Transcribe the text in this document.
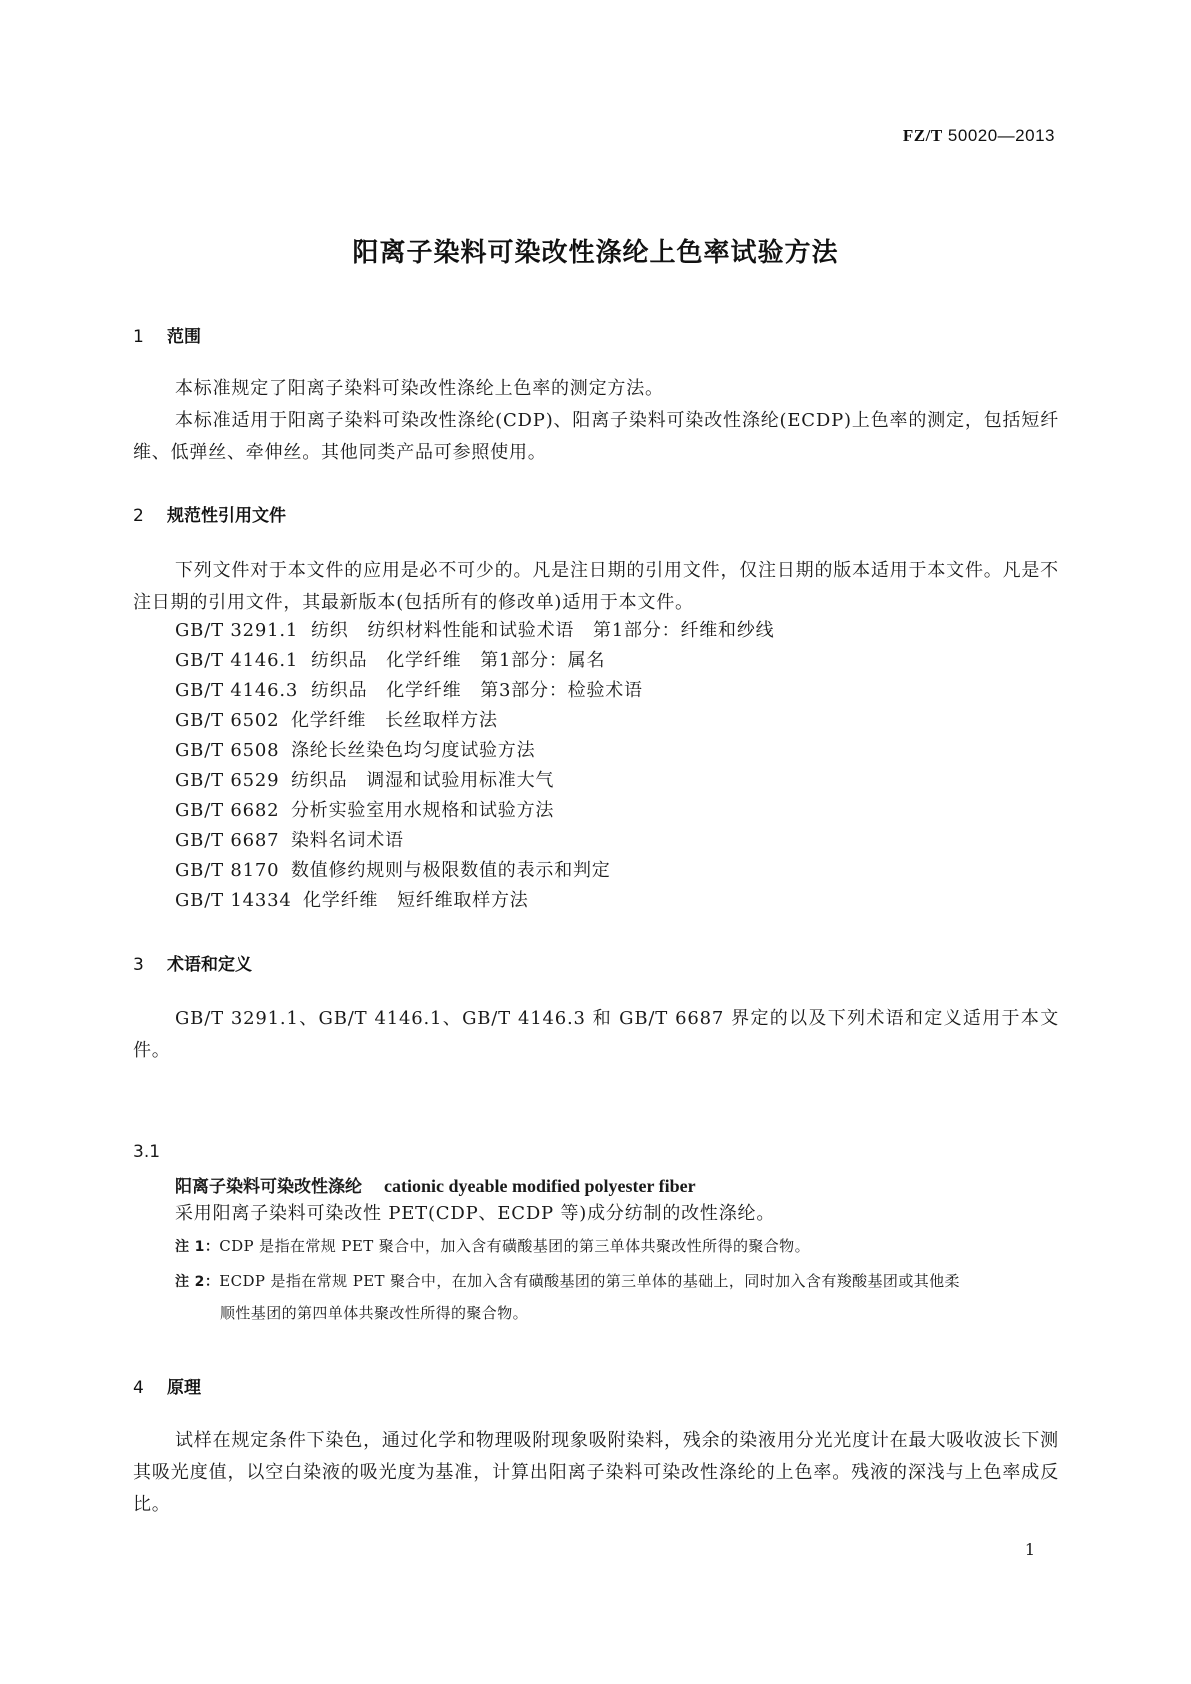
FZ/T 50020—2013
阳离子染料可染改性涤纶上色率试验方法
1 范围
本标准规定了阳离子染料可染改性涤纶上色率的测定方法。
本标准适用于阳离子染料可染改性涤纶(CDP)、阳离子染料可染改性涤纶(ECDP)上色率的测定，包括短纤维、低弹丝、牵伸丝。其他同类产品可参照使用。
2 规范性引用文件
下列文件对于本文件的应用是必不可少的。凡是注日期的引用文件，仅注日期的版本适用于本文件。凡是不注日期的引用文件，其最新版本(包括所有的修改单)适用于本文件。
GB/T 3291.1 纺织　纺织材料性能和试验术语　第1部分：纤维和纱线
GB/T 4146.1 纺织品　化学纤维　第1部分：属名
GB/T 4146.3 纺织品　化学纤维　第3部分：检验术语
GB/T 6502 化学纤维　长丝取样方法
GB/T 6508 涤纶长丝染色均匀度试验方法
GB/T 6529 纺织品　调湿和试验用标准大气
GB/T 6682 分析实验室用水规格和试验方法
GB/T 6687 染料名词术语
GB/T 8170 数值修约规则与极限数值的表示和判定
GB/T 14334 化学纤维　短纤维取样方法
3 术语和定义
GB/T 3291.1、GB/T 4146.1、GB/T 4146.3 和 GB/T 6687 界定的以及下列术语和定义适用于本文件。
3.1
阳离子染料可染改性涤纶 cationic dyeable modified polyester fiber
采用阳离子染料可染改性 PET(CDP、ECDP 等)成分纺制的改性涤纶。
注 1：CDP 是指在常规 PET 聚合中，加入含有磺酸基团的第三单体共聚改性所得的聚合物。
注 2：ECDP 是指在常规 PET 聚合中，在加入含有磺酸基团的第三单体的基础上，同时加入含有羧酸基团或其他柔
顺性基团的第四单体共聚改性所得的聚合物。
4 原理
试样在规定条件下染色，通过化学和物理吸附现象吸附染料，残余的染液用分光光度计在最大吸收波长下测其吸光度值，以空白染液的吸光度为基准，计算出阳离子染料可染改性涤纶的上色率。残液的深浅与上色率成反比。
1
